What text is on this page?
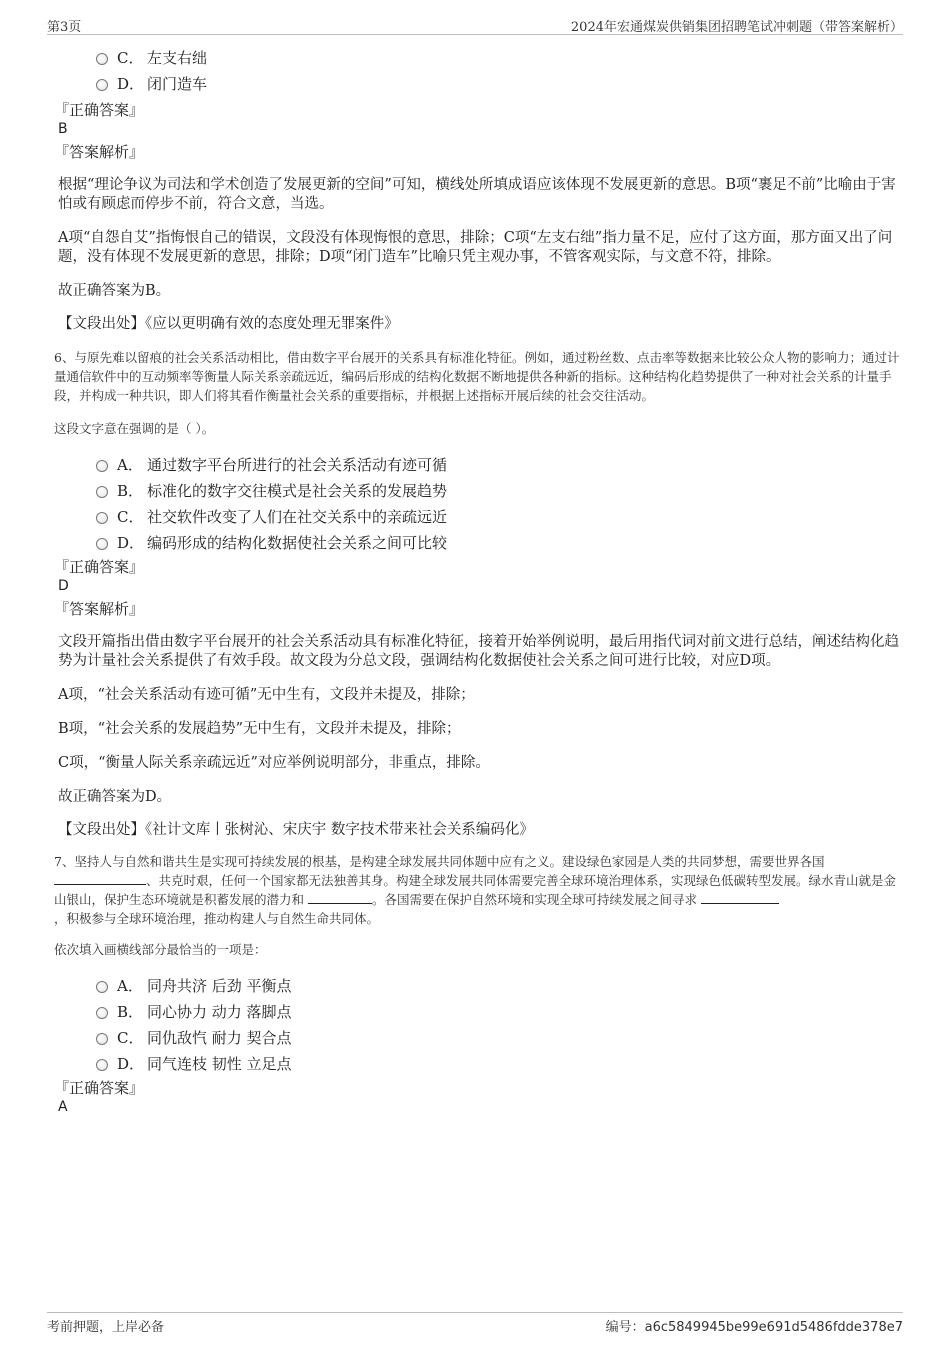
第3页	2024年宏通煤炭供销集团招聘笔试冲刺题（带答案解析）
C． 左支右绌
D． 闭门造车

『正确答案』

B

『答案解析』

根据“理论争议为司法和学术创造了发展更新的空间”可知，横线处所填成语应该体现不发展更新的意思。B项“裹足不前”比喻由于害怕或有顾虑而停步不前，符合文意，当选。

A项“自怨自艾”指悔恨自己的错误，文段没有体现悔恨的意思，排除；C项“左支右绌”指力量不足，应付了这方面，那方面又出了问题，没有体现不发展更新的意思，排除；D项“闭门造车”比喻只凭主观办事，不管客观实际，与文意不符，排除。

故正确答案为B。

【文段出处】《应以更明确有效的态度处理无罪案件》

6、与原先难以留痕的社会关系活动相比，借由数字平台展开的关系具有标准化特征。例如，通过粉丝数、点击率等数据来比较公众人物的影响力；通过计量通信软件中的互动频率等衡量人际关系亲疏远近，编码后形成的结构化数据不断地提供各种新的指标。这种结构化趋势提供了一种对社会关系的计量手段，并构成一种共识，即人们将其看作衡量社会关系的重要指标，并根据上述指标开展后续的社会交往活动。

这段文字意在强调的是（ ）。

A． 通过数字平台所进行的社会关系活动有迹可循
B． 标准化的数字交往模式是社会关系的发展趋势
C． 社交软件改变了人们在社交关系中的亲疏远近
D． 编码形成的结构化数据使社会关系之间可比较

『正确答案』

D

『答案解析』

文段开篇指出借由数字平台展开的社会关系活动具有标准化特征，接着开始举例说明，最后用指代词对前文进行总结，阐述结构化趋势为计量社会关系提供了有效手段。故文段为分总文段，强调结构化数据使社会关系之间可进行比较，对应D项。

A项，“社会关系活动有迹可循”无中生有，文段并未提及，排除；

B项，“社会关系的发展趋势”无中生有，文段并未提及，排除；

C项，“衡量人际关系亲疏远近”对应举例说明部分，非重点，排除。

故正确答案为D。

【文段出处】《社计文库丨张树沁、宋庆宇 数字技术带来社会关系编码化》

7、坚持人与自然和谐共生是实现可持续发展的根基，是构建全球发展共同体题中应有之义。建设绿色家园是人类的共同梦想，需要世界各国
、共克时艰，任何一个国家都无法独善其身。构建全球发展共同体需要完善全球环境治理体系，实现绿色低碳转型发展。绿水青山就是金山银山，保护生态环境就是积蓄发展的潜力和	。各国需要在保护自然环境和实现全球可持续发展之间寻求
，积极参与全球环境治理，推动构建人与自然生命共同体。

依次填入画横线部分最恰当的一项是：

A． 同舟共济 后劲 平衡点
B． 同心协力 动力 落脚点
C． 同仇敌忾 耐力 契合点
D． 同气连枝 韧性 立足点

『正确答案』

A

考前押题，上岸必备	编号：a6c5849945be99e691d5486fdde378e7
